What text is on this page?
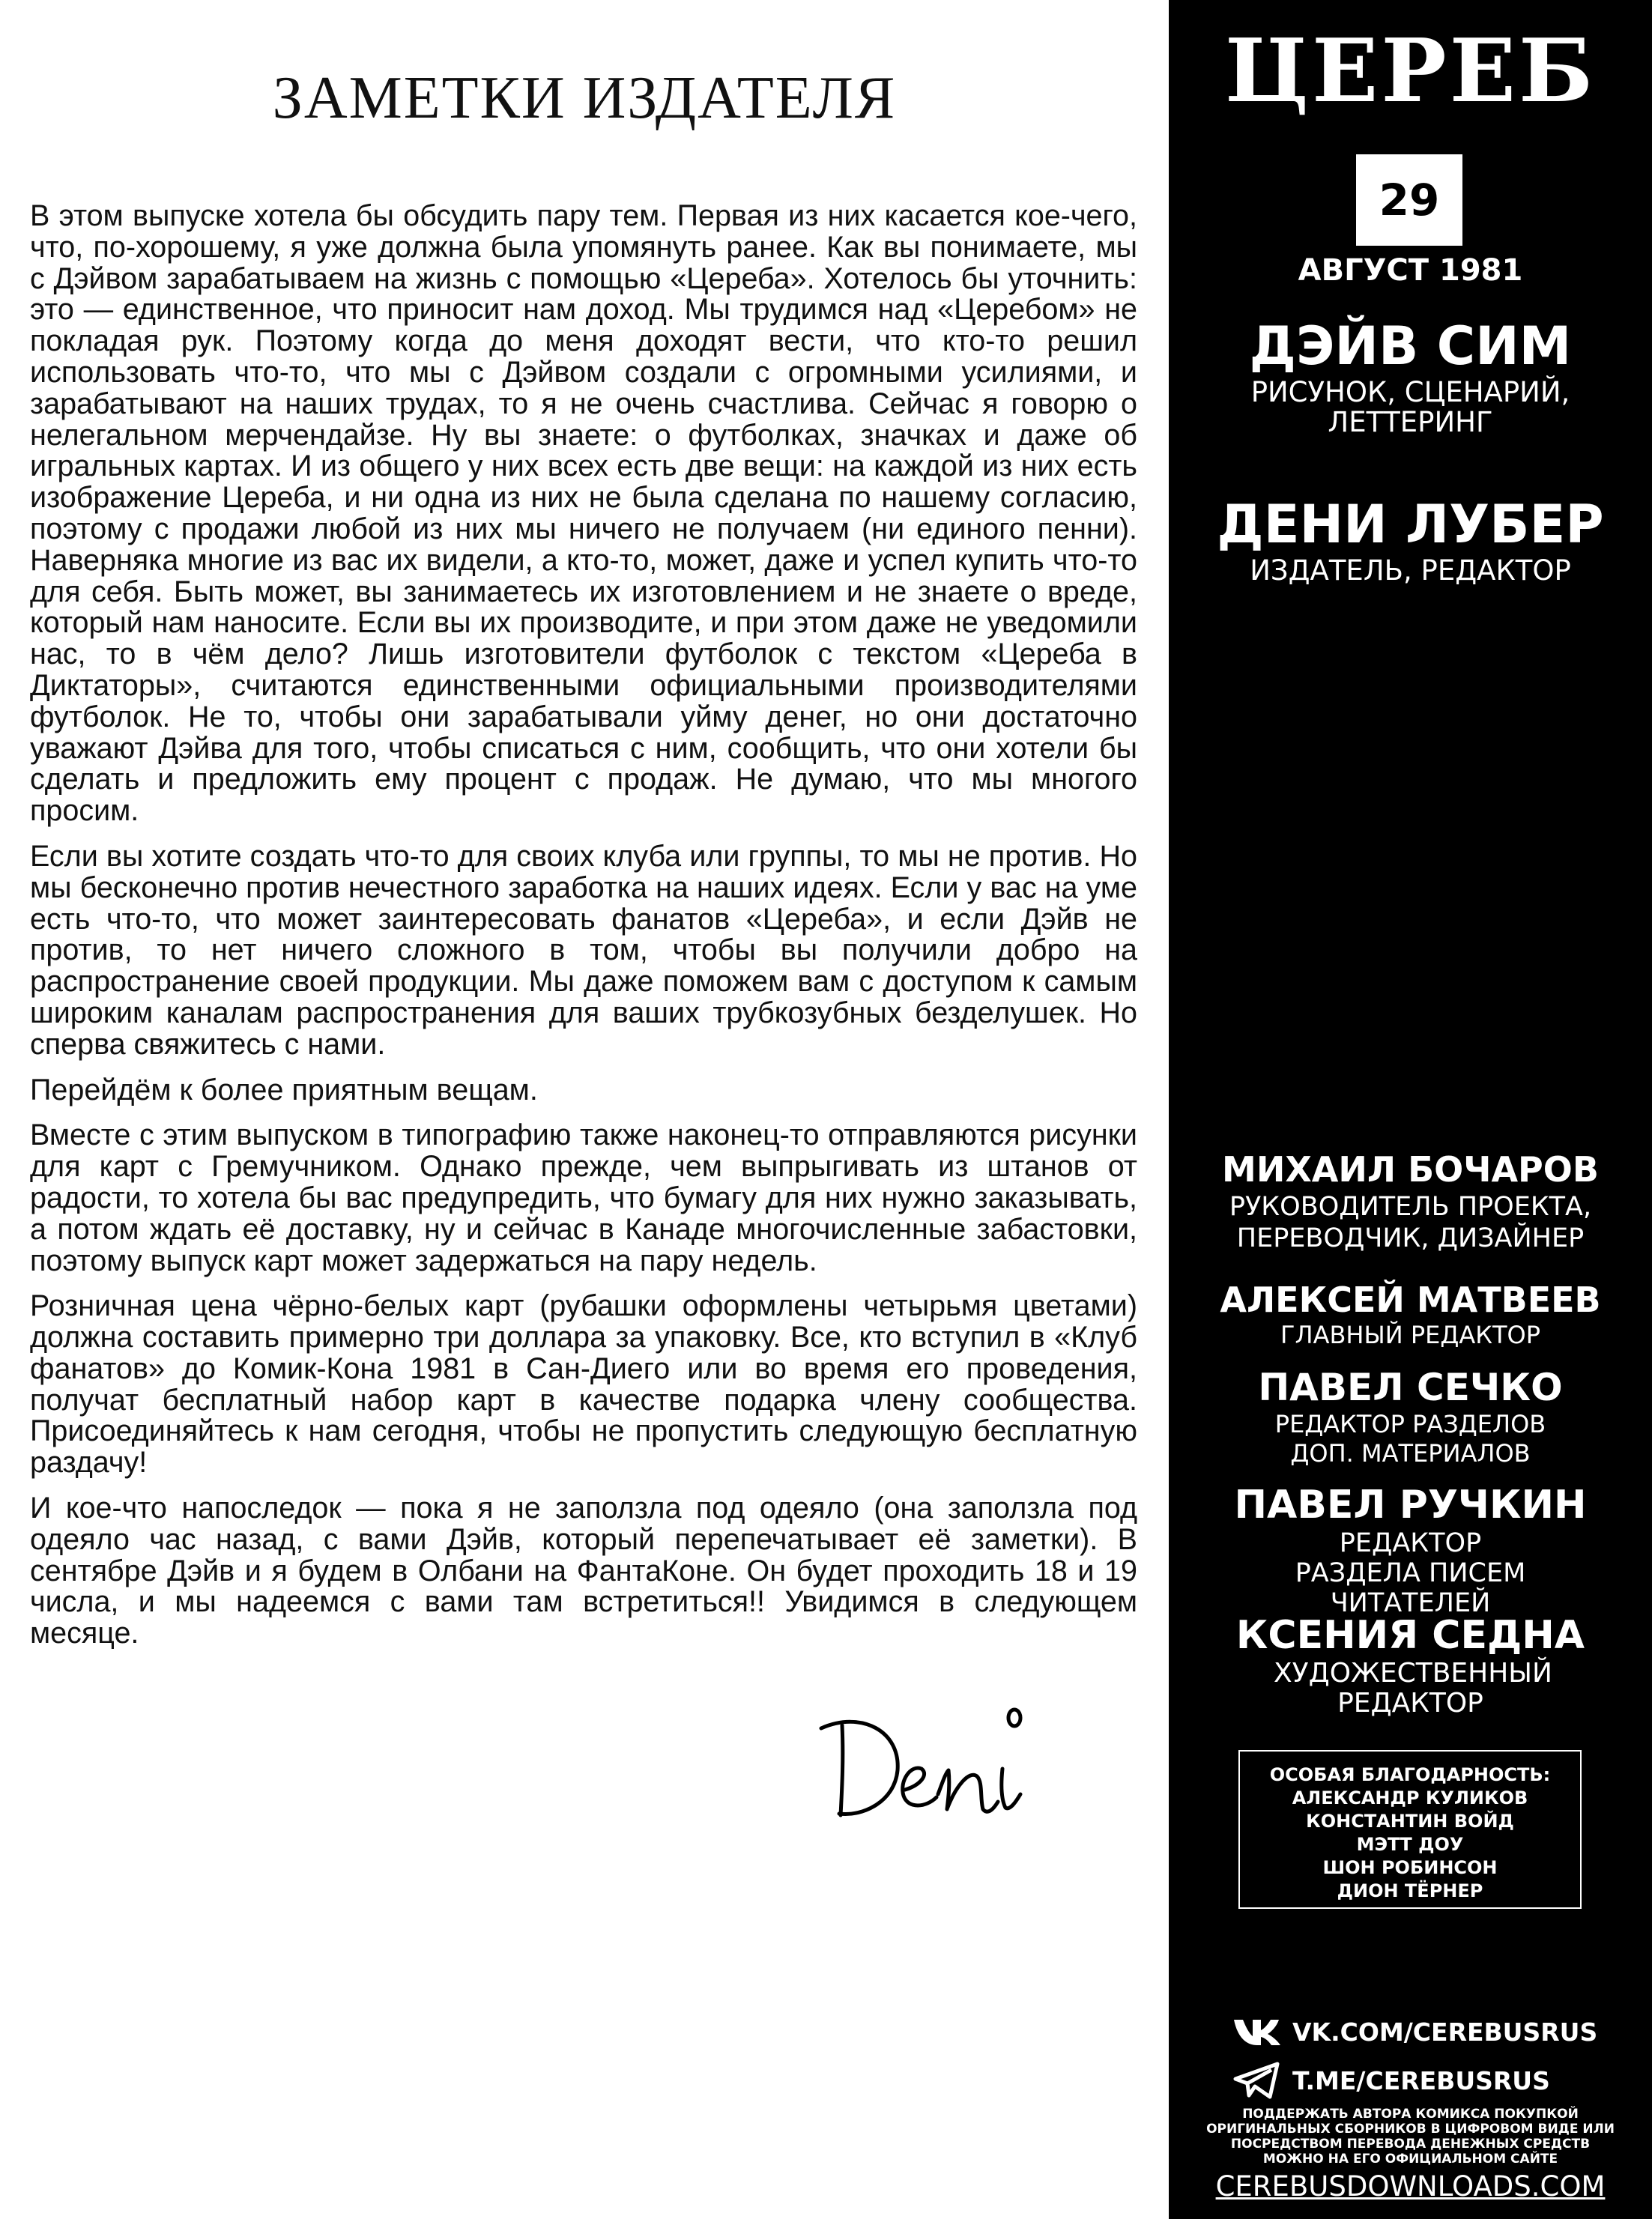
ЗАМЕТКИ ИЗДАТЕЛЯ

В этом выпуске хотела бы обсудить пару тем. Первая из них касается кое-чего, что, по-хорошему, я уже должна была упомянуть ранее. Как вы понимаете, мы с Дэйвом зарабатываем на жизнь с помощью «Цереба». Хотелось бы уточнить: это — единственное, что приносит нам доход. Мы трудимся над «Церебом» не покладая рук. Поэтому когда до меня доходят вести, что кто-то решил использовать что-то, что мы с Дэйвом создали с огромными усилиями, и зарабатывают на наших трудах, то я не очень счастлива. Сейчас я говорю о нелегальном мерчендайзе. Ну вы знаете: о футболках, значках и даже об игральных картах. И из общего у них всех есть две вещи: на каждой из них есть изображение Цереба, и ни одна из них не была сделана по нашему согласию, поэтому с продажи любой из них мы ничего не получаем (ни единого пенни). Наверняка многие из вас их видели, а кто-то, может, даже и успел купить что-то для себя. Быть может, вы занимаетесь их изготовлением и не знаете о вреде, который нам наносите. Если вы их производите, и при этом даже не уведомили нас, то в чём дело? Лишь изготовители футболок с текстом «Цереба в Диктаторы», считаются единственными официальными производителями футболок. Не то, чтобы они зарабатывали уйму денег, но они достаточно уважают Дэйва для того, чтобы списаться с ним, сообщить, что они хотели бы сделать и предложить ему процент с продаж. Не думаю, что мы многого просим.

Если вы хотите создать что-то для своих клуба или группы, то мы не против. Но мы бесконечно против нечестного заработка на наших идеях. Если у вас на уме есть что-то, что может заинтересовать фанатов «Цереба», и если Дэйв не против, то нет ничего сложного в том, чтобы вы получили добро на распространение своей продукции. Мы даже поможем вам с доступом к самым широким каналам распространения для ваших трубкозубных безделушек. Но сперва свяжитесь с нами.

Перейдём к более приятным вещам.

Вместе с этим выпуском в типографию также наконец-то отправляются рисунки для карт с Гремучником. Однако прежде, чем выпрыгивать из штанов от радости, то хотела бы вас предупредить, что бумагу для них нужно заказывать, а потом ждать её доставку, ну и сейчас в Канаде многочисленные забастовки, поэтому выпуск карт может задержаться на пару недель.

Розничная цена чёрно-белых карт (рубашки оформлены четырьмя цветами) должна составить примерно три доллара за упаковку. Все, кто вступил в «Клуб фанатов» до Комик-Кона 1981 в Сан-Диего или во время его проведения, получат бесплатный набор карт в качестве подарка члену сообщества. Присоединяйтесь к нам сегодня, чтобы не пропустить следующую бесплатную раздачу!

И кое-что напоследок — пока я не заползла под одеяло (она заползла под одеяло час назад, с вами Дэйв, который перепечатывает её заметки). В сентябре Дэйв и я будем в Олбани на ФантаКоне. Он будет проходить 18 и 19 числа, и мы надеемся с вами там встретиться!! Увидимся в следующем месяце.

ЦЕРЕБ
29
АВГУСТ 1981
ДЭЙВ СИМ
РИСУНОК, СЦЕНАРИЙ, ЛЕТТЕРИНГ
ДЕНИ ЛУБЕР
ИЗДАТЕЛЬ, РЕДАКТОР
МИХАИЛ БОЧАРОВ
РУКОВОДИТЕЛЬ ПРОЕКТА, ПЕРЕВОДЧИК, ДИЗАЙНЕР
АЛЕКСЕЙ МАТВЕЕВ
ГЛАВНЫЙ РЕДАКТОР
ПАВЕЛ СЕЧКО
РЕДАКТОР РАЗДЕЛОВ ДОП. МАТЕРИАЛОВ
ПАВЕЛ РУЧКИН
РЕДАКТОР РАЗДЕЛА ПИСЕМ ЧИТАТЕЛЕЙ
КСЕНИЯ СЕДНА
ХУДОЖЕСТВЕННЫЙ РЕДАКТОР
ОСОБАЯ БЛАГОДАРНОСТЬ:
АЛЕКСАНДР КУЛИКОВ
КОНСТАНТИН ВОЙД
МЭТТ ДОУ
ШОН РОБИНСОН
ДИОН ТЁРНЕР
VK.COM/CEREBUSRUS
T.ME/CEREBUSRUS
ПОДДЕРЖАТЬ АВТОРА КОМИКСА ПОКУПКОЙ ОРИГИНАЛЬНЫХ СБОРНИКОВ В ЦИФРОВОМ ВИДЕ ИЛИ ПОСРЕДСТВОМ ПЕРЕВОДА ДЕНЕЖНЫХ СРЕДСТВ МОЖНО НА ЕГО ОФИЦИАЛЬНОМ САЙТЕ
CEREBUSDOWNLOADS.COM
